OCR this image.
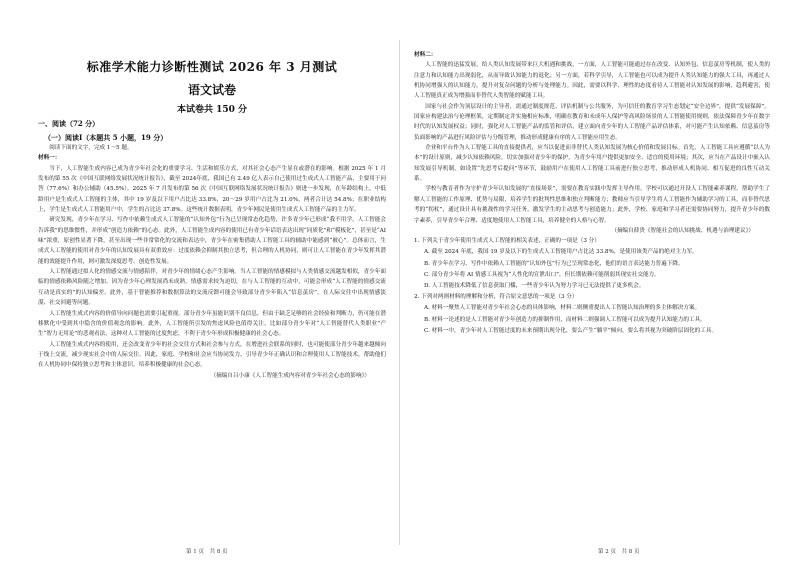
标准学术能力诊断性测试 2026 年 3 月测试
语文试卷
本试卷共 150 分
一、阅读（72 分）
（一）阅读Ⅰ（本题共 5 小题，19 分）

阅读下面的文字，完成 1～5 题。

材料一：

当下，人工智能生成内容已成为青少年社会化的重要学习、生活和娱乐方式，对其社会心态产生显在或潜在的影响。根据 2025 年 1 月发布的第 55 次《中国互联网络发展状况统计报告》，截至 2024年底，我国已有 2.49 亿人表示自己使用过生成式人工智能产品，主要用于问答（77.6%）和办公辅助（45.5%）。2025 年 7 月发布的第 56 次《中国互联网络发展状况统计报告》则进一步发现，在年龄结构上，中低龄用户是生成式人工智能的主体，其中 19 岁及以下用户占比达 33.8%，20～29 岁用户占比为 21.0%，两者合计达 54.8%；在职业结构上，学生是生成式人工智能用户中，学生的占比达 37.8%。这些统计数据表明，青少年网民是使用生成式人工智能产品的主力军。

研究发现，青少年在学习、写作中依赖生成式人工智能的“认知外包”行为已呈现常态化趋势，许多青少年已形成“我不用学，人工智能会告诉我”的思维惯性，并形成“创造力依赖”的心态。此外，人工智能生成内容的使用已有青少年话语表达出现“同质化”和“模板化”，甚至是“AI 味”浓重，原创性显著下降，甚至出现一些非常常化的交流和表达中，青少年在密集借助人工智能工具的辅助中能感到“被心”。总体而言，生成式人工智能的使用对青少年的认知发展具有双重效应：过度依赖会抑制其独立思考，但合理的人机协同，则可让人工智能在青少年发挥其潜能的效能提升作用，则可激发深度思考、创造性发展。

人工智能通过拟人化的情感交流与情感陪伴，对青少年的情绪心态产生影响。当人工智能的情感模拟与人类情感交流越发相似，青少年面临的情感依赖风险随之增加。因为青少年心理发展尚未成熟，情感需求较为迫切，在与人工智能的互动中，可能会形成“人工智能的情感交流互动是真实的”的认知偏差。此外，基于智能推荐和数据算法的交流反馈可能会导致部分青少年陷入“信息茧房”，在人际交往中出现情感淡漠、社交回避等问题。

人工智能生成式内容的价值导向问题也需要引起重视。部分青少年虽能识别不良信息，但由于缺乏足够的社会经验和判断力，仍可能在潜移默化中受到其中隐含的价值观念的影响。此外，人工智能所引发的焦虑风险也值得关注，比如部分青少年对“人工智能替代人类职业”产生“智力无用论”的悲观看法，这种对人工智能的过度焦虑，不利于青少年形成积极健康的社会心态。

人工智能生成式内容的使用，还会改变青少年的社会交往方式和社会参与方式，在增进社会联系的同时，也可能使部分青少年越来越倾向于线上交流，减少现实社会中的人际交往。因此，家庭、学校和社会应当协同发力，引导青少年正确认识和合理使用人工智能技术，帮助他们在人机协同中保持独立思考和主体意识，培养积极健康的社会心态。

（摘编自吕小康《人工智能生成内容对青少年社会心态的影响》）

材料二：

人工智能的迅猛发展，给人类认知发展带来巨大机遇和挑战。一方面，人工智能可能通过存在改变、认知外包、信息茧房等机制，使人类的注意力和认知能力出现弱化，从而导致认知能力的退化；另一方面，若科学引导，人工智能也可以成为提升人类认知能力的强大工具，再通过人机协同增强人的认知能力，提升对复杂问题的分析与处理能力。因此，需要以科学、理性的态度看待人工智能对认知发展的影响，趋利避害，使人工智能真正成为增强而非替代人类智能的赋能工具。

国家与社会作为顶层设计的主导者，需通过制度规范、评估机制与公共服务，为可信任的教育学习生态划定“安全边界”，提供“发展保障”。国家应构建法治与伦理框架，定期制定并实施相应标准，明确在教育和未成年人保护等高风险场景的人工智能使用规则，依法保障青少年在数字时代的认知发展权益；同时，强化对人工智能产品的监管和评估，建立面向青少年的人工智能产品评估体系，对可能产生认知依赖、信息茧房等负面影响的产品进行风险评估与分级管理，推动形成健康有序的人工智能应用生态。

企业和平台作为人工智能工具的直接提供者，应当以促进而非替代人类认知发展为核心价值和发展目标。首先，人工智能工具应遵循“以人为本”的设计原则，减少认知依赖风险，切实加强对青少年的保护，为青少年用户提供更加安全、适宜的使用环境；其次，应当在产品设计中嵌入认知发展引导机制，如设置“先思考后提问”等环节，鼓励用户在使用人工智能工具前进行独立思考，推动形成人机协同、相互促进的良性互动关系。

学校与教育者作为守护青少年认知发展的“直接场景”，需要在教育实践中发挥主导作用。学校可以通过开设人工智能素养课程，帮助学生了解人工智能的工作原理、优势与局限，培养学生的批判性思维和独立判断能力；教师应当引导学生将人工智能作为辅助学习的工具，而非替代思考的“拐杖”，通过设计具有挑战性的学习任务，激发学生的主动思考与创造能力；此外，学校、家庭和学习者还需要协同努力，提升青少年的数字素养，引导青少年合理、适度地使用人工智能工具，培养健全的人格与心智。

（摘编自薛贵《智能社会的认知挑战、机遇与治理建议》）

1. 下列关于青少年使用生成式人工智能的相关表述，正确的一项是（3 分）

A. 截至 2024 年底，我国 19 岁及以下的生成式人工智能用户占比达 33.8%，是使用该类产品的绝对主力军。

B. 青少年在学习、写作中依赖人工智能的“认知外包”行为已呈现常态化，他们的语言表达能力普遍下降。

C. 部分青少年将 AI 情感工具视为“人性化的宣泄出口”，但长期依赖可能削弱其现实社交能力。

D. 人工智能技术降低了信息获取门槛，一些青少年认为努力学习已无法提供了更多机会。

2. 下列对两则材料的理解和分析，符合原文意思的一项是（3 分）

A. 材料一聚焦人工智能对青少年社会心态的具体影响，材料二则侧重提出人工智能认知治理的多主体解决方案。

B. 材料一论述的是人工智能对青少年创造力的抑制作用，而材料二则强调人工智能可以成为提升认知能力的工具。

C. 材料一中，青少年对人工智能过度的未来预期出现分化，要么产生“躺平”倾向，要么将其视为突破阶层固化的工具。

第 1 页　共 8 页	第 2 页　共 8 页
